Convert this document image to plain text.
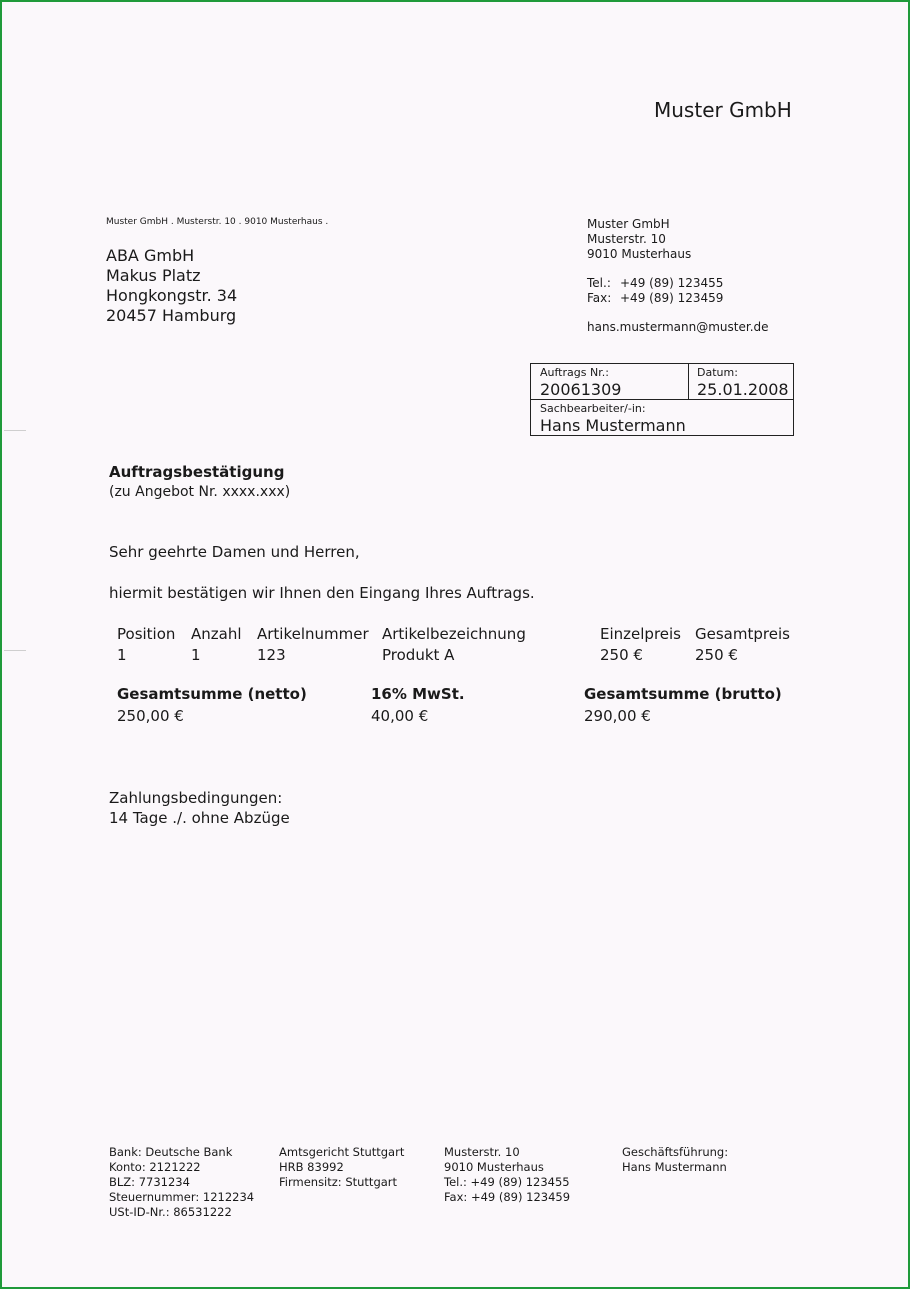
Muster GmbH
Muster GmbH . Musterstr. 10 . 9010 Musterhaus .
ABA GmbH
Makus Platz
Hongkongstr. 34
20457 Hamburg
Muster GmbH
Musterstr. 10
9010 Musterhaus
Tel.: +49 (89) 123455
Fax: +49 (89) 123459
hans.mustermann@muster.de
Auftrags Nr.:
20061309
Datum:
25.01.2008
Sachbearbeiter/-in:
Hans Mustermann
Auftragsbestätigung
(zu Angebot Nr. xxxx.xxx)
Sehr geehrte Damen und Herren,
hiermit bestätigen wir Ihnen den Eingang Ihres Auftrags.
Position Anzahl Artikelnummer Artikelbezeichnung	Einzelpreis Gesamtpreis
1	1	123	Produkt A	250 €	250 €
Gesamtsumme (netto)	16% MwSt.	Gesamtsumme (brutto)
250,00 €	40,00 €	290,00 €
Zahlungsbedingungen:
14 Tage ./. ohne Abzüge
Bank: Deutsche Bank
Konto: 2121222
BLZ: 7731234
Steuernummer: 1212234
USt-ID-Nr.: 86531222
Amtsgericht Stuttgart
HRB 83992
Firmensitz: Stuttgart
Musterstr. 10
9010 Musterhaus
Tel.: +49 (89) 123455
Fax: +49 (89) 123459
Geschäftsführung:
Hans Mustermann
